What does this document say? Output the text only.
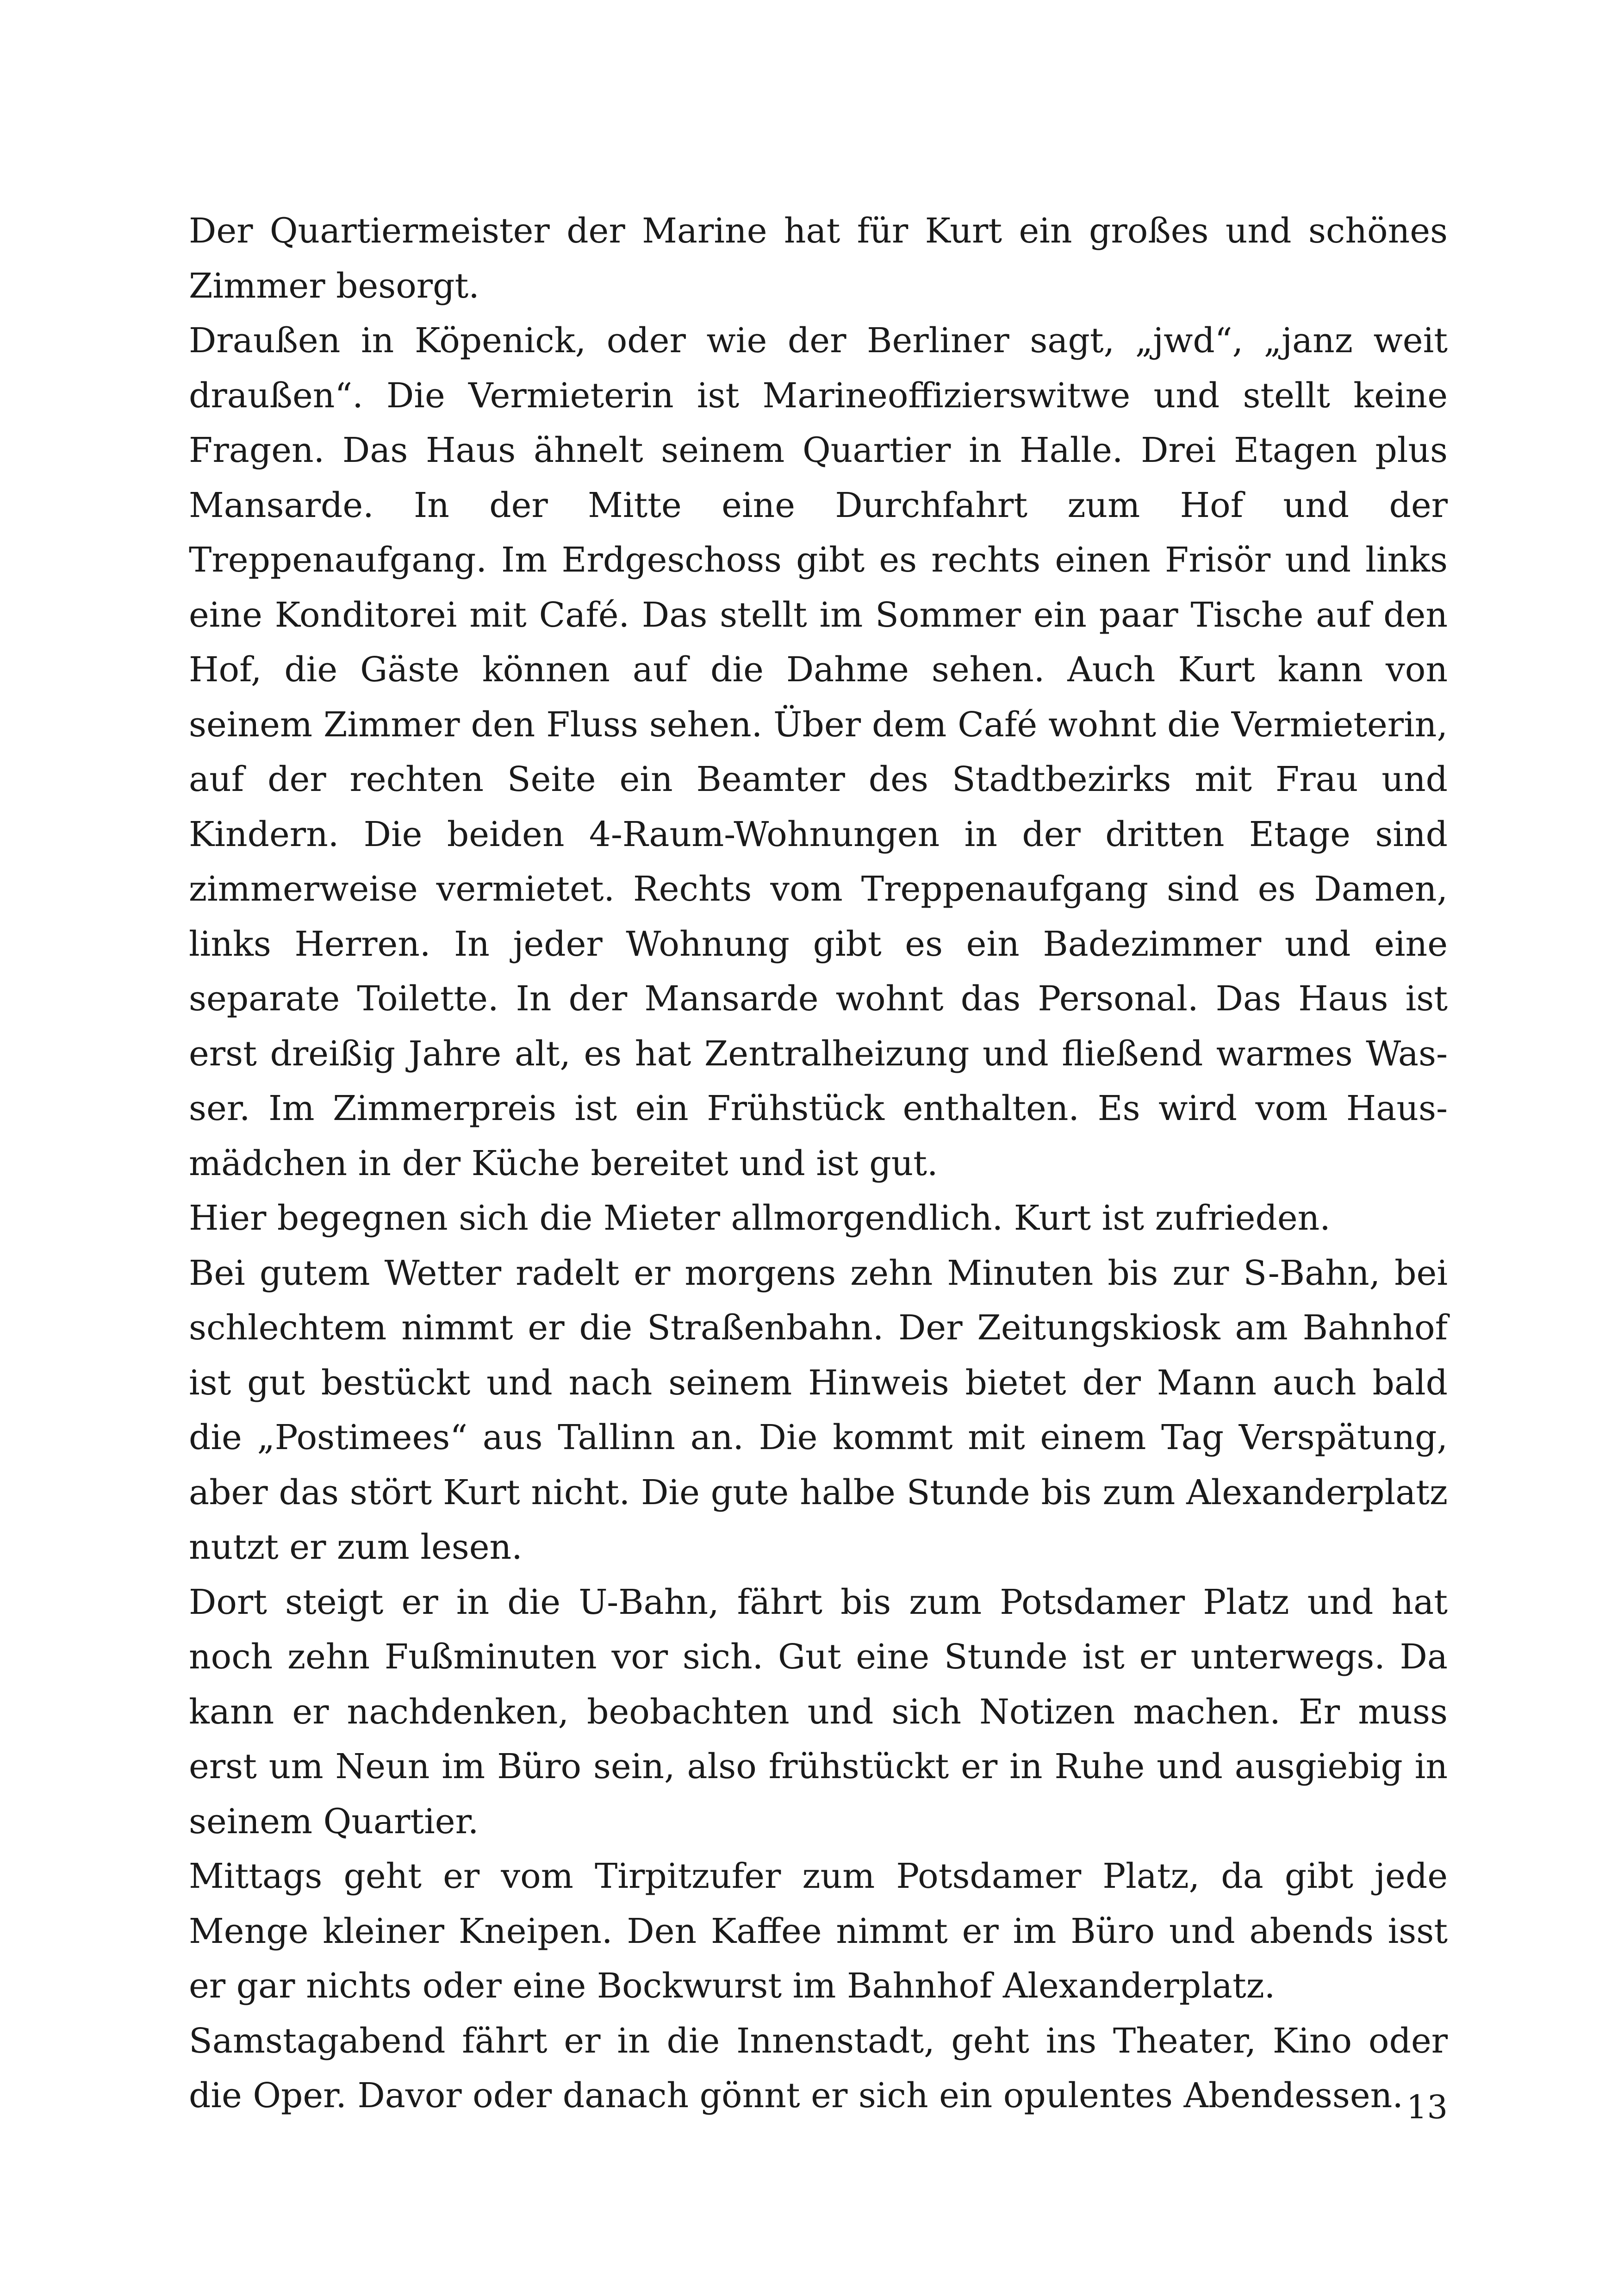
Der Quartiermeister der Marine hat für Kurt ein großes und schönes Zimmer besorgt.

Draußen in Köpenick, oder wie der Berliner sagt, „jwd“, „janz weit draußen“. Die Vermieterin ist Marineoffizierswitwe und stellt keine Fragen. Das Haus ähnelt seinem Quartier in Halle. Drei Etagen plus Mansarde. In der Mitte eine Durchfahrt zum Hof und der Treppenaufgang. Im Erdgeschoss gibt es rechts einen Frisör und links eine Konditorei mit Café. Das stellt im Sommer ein paar Tische auf den Hof, die Gäste können auf die Dahme sehen. Auch Kurt kann von seinem Zimmer den Fluss sehen. Über dem Café wohnt die Vermieterin, auf der rechten Seite ein Beamter des Stadtbezirks mit Frau und Kindern. Die beiden 4-Raum-Wohnungen in der dritten Etage sind zimmerweise vermietet. Rechts vom Treppenaufgang sind es Damen, links Herren. In jeder Wohnung gibt es ein Badezimmer und eine separate Toilette. In der Mansarde wohnt das Personal. Das Haus ist erst dreißig Jahre alt, es hat Zentralheizung und fließend warmes Wasser. Im Zimmerpreis ist ein Frühstück enthalten. Es wird vom Hausmädchen in der Küche bereitet und ist gut.

Hier begegnen sich die Mieter allmorgendlich. Kurt ist zufrieden.

Bei gutem Wetter radelt er morgens zehn Minuten bis zur S-Bahn, bei schlechtem nimmt er die Straßenbahn. Der Zeitungskiosk am Bahnhof ist gut bestückt und nach seinem Hinweis bietet der Mann auch bald die „Postimees“ aus Tallinn an. Die kommt mit einem Tag Verspätung, aber das stört Kurt nicht. Die gute halbe Stunde bis zum Alexanderplatz nutzt er zum lesen.

Dort steigt er in die U-Bahn, fährt bis zum Potsdamer Platz und hat noch zehn Fußminuten vor sich. Gut eine Stunde ist er unterwegs. Da kann er nachdenken, beobachten und sich Notizen machen. Er muss erst um Neun im Büro sein, also frühstückt er in Ruhe und ausgiebig in seinem Quartier.

Mittags geht er vom Tirpitzufer zum Potsdamer Platz, da gibt jede Menge kleiner Kneipen. Den Kaffee nimmt er im Büro und abends isst er gar nichts oder eine Bockwurst im Bahnhof Alexanderplatz.

Samstagabend fährt er in die Innenstadt, geht ins Theater, Kino oder die Oper. Davor oder danach gönnt er sich ein opulentes Abendessen. 13
